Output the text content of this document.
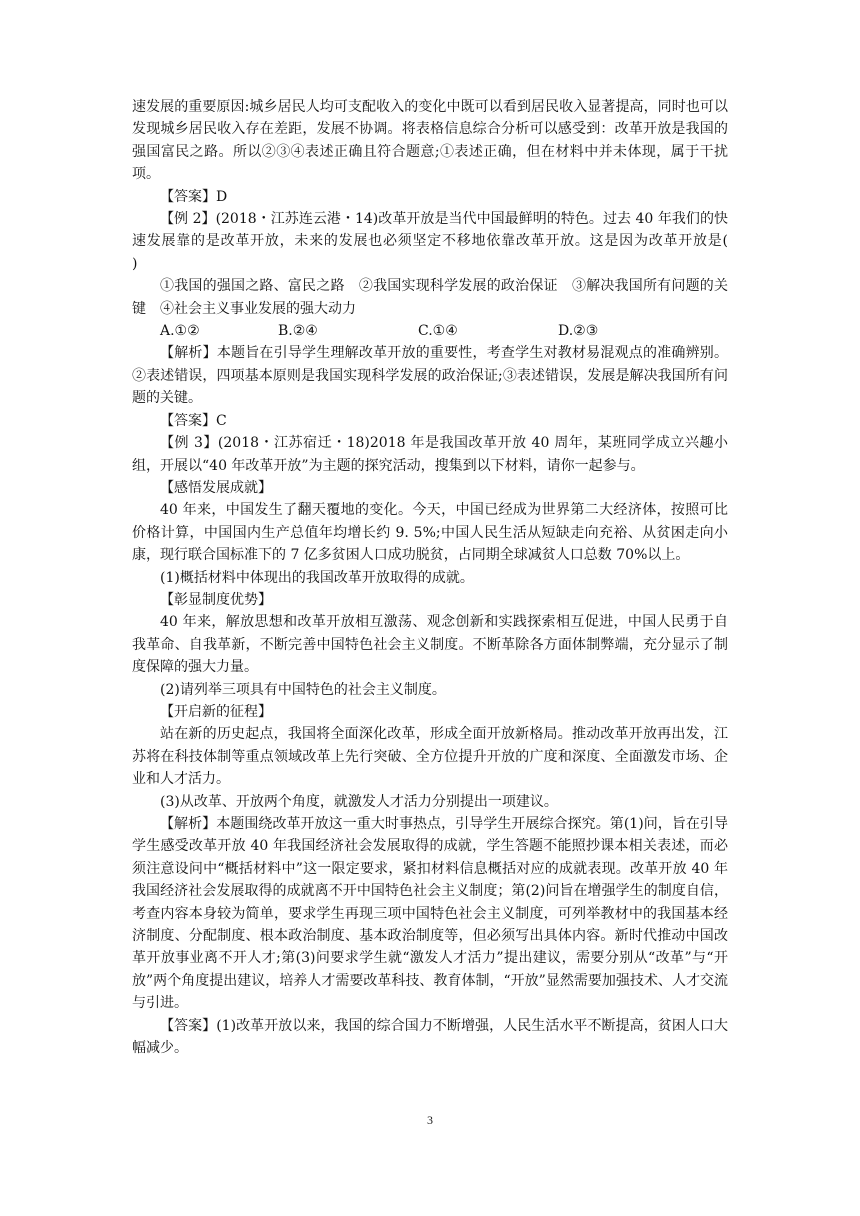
速发展的重要原因:城乡居民人均可支配收入的变化中既可以看到居民收入显著提高，同时也可以发现城乡居民收入存在差距，发展不协调。将表格信息综合分析可以感受到：改革开放是我国的强国富民之路。所以②③④表述正确且符合题意;①表述正确，但在材料中并未体现，属于干扰项。

【答案】D

【例 2】(2018・江苏连云港・14)改革开放是当代中国最鲜明的特色。过去 40 年我们的快速发展靠的是改革开放，未来的发展也必须坚定不移地依靠改革开放。这是因为改革开放是(　　)

①我国的强国之路、富民之路　②我国实现科学发展的政治保证　③解决我国所有问题的关键　④社会主义事业发展的强大动力

A.①②	B.②④	C.①④	D.②③

【解析】本题旨在引导学生理解改革开放的重要性，考查学生对教材易混观点的准确辨别。②表述错误，四项基本原则是我国实现科学发展的政治保证;③表述错误，发展是解决我国所有问题的关键。

【答案】C

【例 3】(2018・江苏宿迁・18)2018 年是我国改革开放 40 周年，某班同学成立兴趣小组，开展以“40 年改革开放”为主题的探究活动，搜集到以下材料，请你一起参与。

【感悟发展成就】

40 年来，中国发生了翻天覆地的变化。今天，中国已经成为世界第二大经济体，按照可比价格计算，中国国内生产总值年均增长约 9. 5%;中国人民生活从短缺走向充裕、从贫困走向小康，现行联合国标准下的 7 亿多贫困人口成功脱贫，占同期全球减贫人口总数 70%以上。

(1)概括材料中体现出的我国改革开放取得的成就。

【彰显制度优势】

40 年来，解放思想和改革开放相互激荡、观念创新和实践探索相互促进，中国人民勇于自我革命、自我革新，不断完善中国特色社会主义制度。不断革除各方面体制弊端，充分显示了制度保障的强大力量。

(2)请列举三项具有中国特色的社会主义制度。

【开启新的征程】

站在新的历史起点，我国将全面深化改革，形成全面开放新格局。推动改革开放再出发，江苏将在科技体制等重点领域改革上先行突破、全方位提升开放的广度和深度、全面激发市场、企业和人才活力。

(3)从改革、开放两个角度，就激发人才活力分别提出一项建议。

【解析】本题围绕改革开放这一重大时事热点，引导学生开展综合探究。第(1)问，旨在引导学生感受改革开放 40 年我国经济社会发展取得的成就，学生答题不能照抄课本相关表述，而必须注意设问中“概括材料中”这一限定要求，紧扣材料信息概括对应的成就表现。改革开放 40 年我国经济社会发展取得的成就离不开中国特色社会主义制度；第(2)问旨在增强学生的制度自信，考查内容本身较为简单，要求学生再现三项中国特色社会主义制度，可列举教材中的我国基本经济制度、分配制度、根本政治制度、基本政治制度等，但必须写出具体内容。新时代推动中国改革开放事业离不开人才;第(3)问要求学生就“激发人才活力”提出建议，需要分别从“改革”与“开放”两个角度提出建议，培养人才需要改革科技、教育体制，“开放”显然需要加强技术、人才交流与引进。

【答案】(1)改革开放以来，我国的综合国力不断增强，人民生活水平不断提高，贫困人口大幅减少。

3
